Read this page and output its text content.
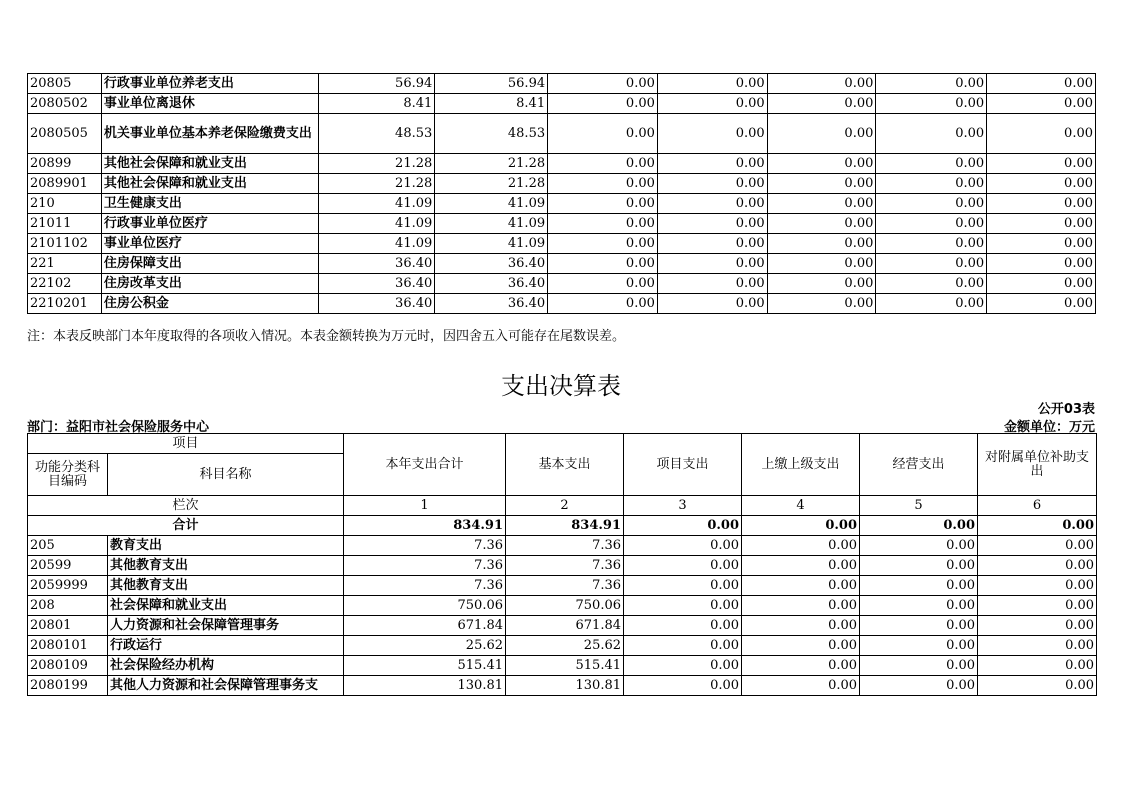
20805	行政事业单位养老支出	56.94	56.94	0.00	0.00	0.00	0.00	0.00
2080502	事业单位离退休	8.41	8.41	0.00	0.00	0.00	0.00	0.00
2080505	机关事业单位基本养老保险缴费支出	48.53	48.53	0.00	0.00	0.00	0.00	0.00
20899	其他社会保障和就业支出	21.28	21.28	0.00	0.00	0.00	0.00	0.00
2089901	其他社会保障和就业支出	21.28	21.28	0.00	0.00	0.00	0.00	0.00
210	卫生健康支出	41.09	41.09	0.00	0.00	0.00	0.00	0.00
21011	行政事业单位医疗	41.09	41.09	0.00	0.00	0.00	0.00	0.00
2101102	事业单位医疗	41.09	41.09	0.00	0.00	0.00	0.00	0.00
221	住房保障支出	36.40	36.40	0.00	0.00	0.00	0.00	0.00
22102	住房改革支出	36.40	36.40	0.00	0.00	0.00	0.00	0.00
2210201	住房公积金	36.40	36.40	0.00	0.00	0.00	0.00	0.00
注：本表反映部门本年度取得的各项收入情况。本表金额转换为万元时，因四舍五入可能存在尾数误差。
支出决算表
公开03表
部门：益阳市社会保险服务中心	金额单位：万元
项目		本年支出合计	基本支出	项目支出	上缴上级支出	经营支出	对附属单位补助支出
功能分类科目编码	科目名称						
栏次		1	2	3	4	5	6
合计		834.91	834.91	0.00	0.00	0.00	0.00
205	教育支出	7.36	7.36	0.00	0.00	0.00	0.00
20599	其他教育支出	7.36	7.36	0.00	0.00	0.00	0.00
2059999	其他教育支出	7.36	7.36	0.00	0.00	0.00	0.00
208	社会保障和就业支出	750.06	750.06	0.00	0.00	0.00	0.00
20801	人力资源和社会保障管理事务	671.84	671.84	0.00	0.00	0.00	0.00
2080101	行政运行	25.62	25.62	0.00	0.00	0.00	0.00
2080109	社会保险经办机构	515.41	515.41	0.00	0.00	0.00	0.00
2080199	其他人力资源和社会保障管理事务支	130.81	130.81	0.00	0.00	0.00	0.00
